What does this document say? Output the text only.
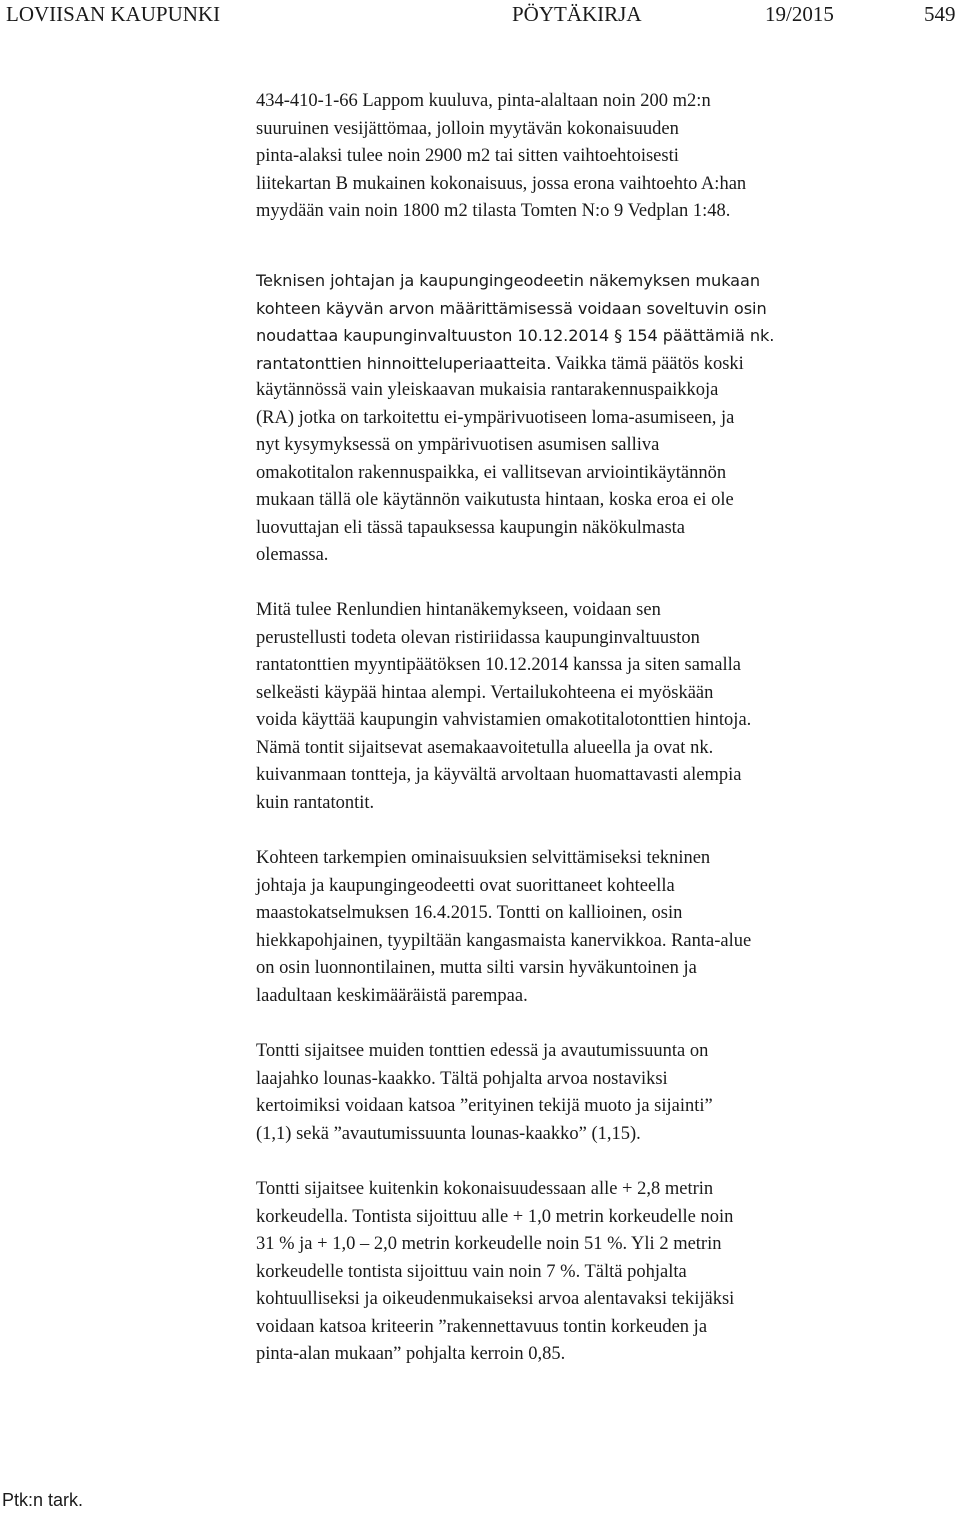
LOVIISAN KAUPUNKI	PÖYTÄKIRJA	19/2015	549
434-410-1-66 Lappom kuuluva, pinta-alaltaan noin 200 m2:n
suuruinen vesijättömaa, jolloin myytävän kokonaisuuden
pinta-alaksi tulee noin 2900 m2 tai sitten vaihtoehtoisesti
liitekartan B mukainen kokonaisuus, jossa erona vaihtoehto A:han
myydään vain noin 1800 m2 tilasta Tomten N:o 9 Vedplan 1:48.
Teknisen johtajan ja kaupungingeodeetin näkemyksen mukaan
kohteen käyvän arvon määrittämisessä voidaan soveltuvin osin
noudattaa kaupunginvaltuuston 10.12.2014 § 154 päättämiä nk.
rantatonttien hinnoitteluperiaatteita. Vaikka tämä päätös koski
käytännössä vain yleiskaavan mukaisia rantarakennuspaikkoja
(RA) jotka on tarkoitettu ei-ympärivuotiseen loma-asumiseen, ja
nyt kysymyksessä on ympärivuotisen asumisen salliva
omakotitalon rakennuspaikka, ei vallitsevan arviointikäytännön
mukaan tällä ole käytännön vaikutusta hintaan, koska eroa ei ole
luovuttajan eli tässä tapauksessa kaupungin näkökulmasta
olemassa.
Mitä tulee Renlundien hintanäkemykseen, voidaan sen
perustellusti todeta olevan ristiriidassa kaupunginvaltuuston
rantatonttien myyntipäätöksen 10.12.2014 kanssa ja siten samalla
selkeästi käypää hintaa alempi. Vertailukohteena ei myöskään
voida käyttää kaupungin vahvistamien omakotitalotonttien hintoja.
Nämä tontit sijaitsevat asemakaavoitetulla alueella ja ovat nk.
kuivanmaan tontteja, ja käyvältä arvoltaan huomattavasti alempia
kuin rantatontit.
Kohteen tarkempien ominaisuuksien selvittämiseksi tekninen
johtaja ja kaupungingeodeetti ovat suorittaneet kohteella
maastokatselmuksen 16.4.2015. Tontti on kallioinen, osin
hiekkapohjainen, tyypiltään kangasmaista kanervikkoa. Ranta-alue
on osin luonnontilainen, mutta silti varsin hyväkuntoinen ja
laadultaan keskimääräistä parempaa.
Tontti sijaitsee muiden tonttien edessä ja avautumissuunta on
laajahko lounas-kaakko. Tältä pohjalta arvoa nostaviksi
kertoimiksi voidaan katsoa ”erityinen tekijä muoto ja sijainti”
(1,1) sekä ”avautumissuunta lounas-kaakko” (1,15).
Tontti sijaitsee kuitenkin kokonaisuudessaan alle + 2,8 metrin
korkeudella. Tontista sijoittuu alle + 1,0 metrin korkeudelle noin
31 % ja + 1,0 – 2,0 metrin korkeudelle noin 51 %. Yli 2 metrin
korkeudelle tontista sijoittuu vain noin 7 %. Tältä pohjalta
kohtuulliseksi ja oikeudenmukaiseksi arvoa alentavaksi tekijäksi
voidaan katsoa kriteerin ”rakennettavuus tontin korkeuden ja
pinta-alan mukaan” pohjalta kerroin 0,85.
Ptk:n tark.
